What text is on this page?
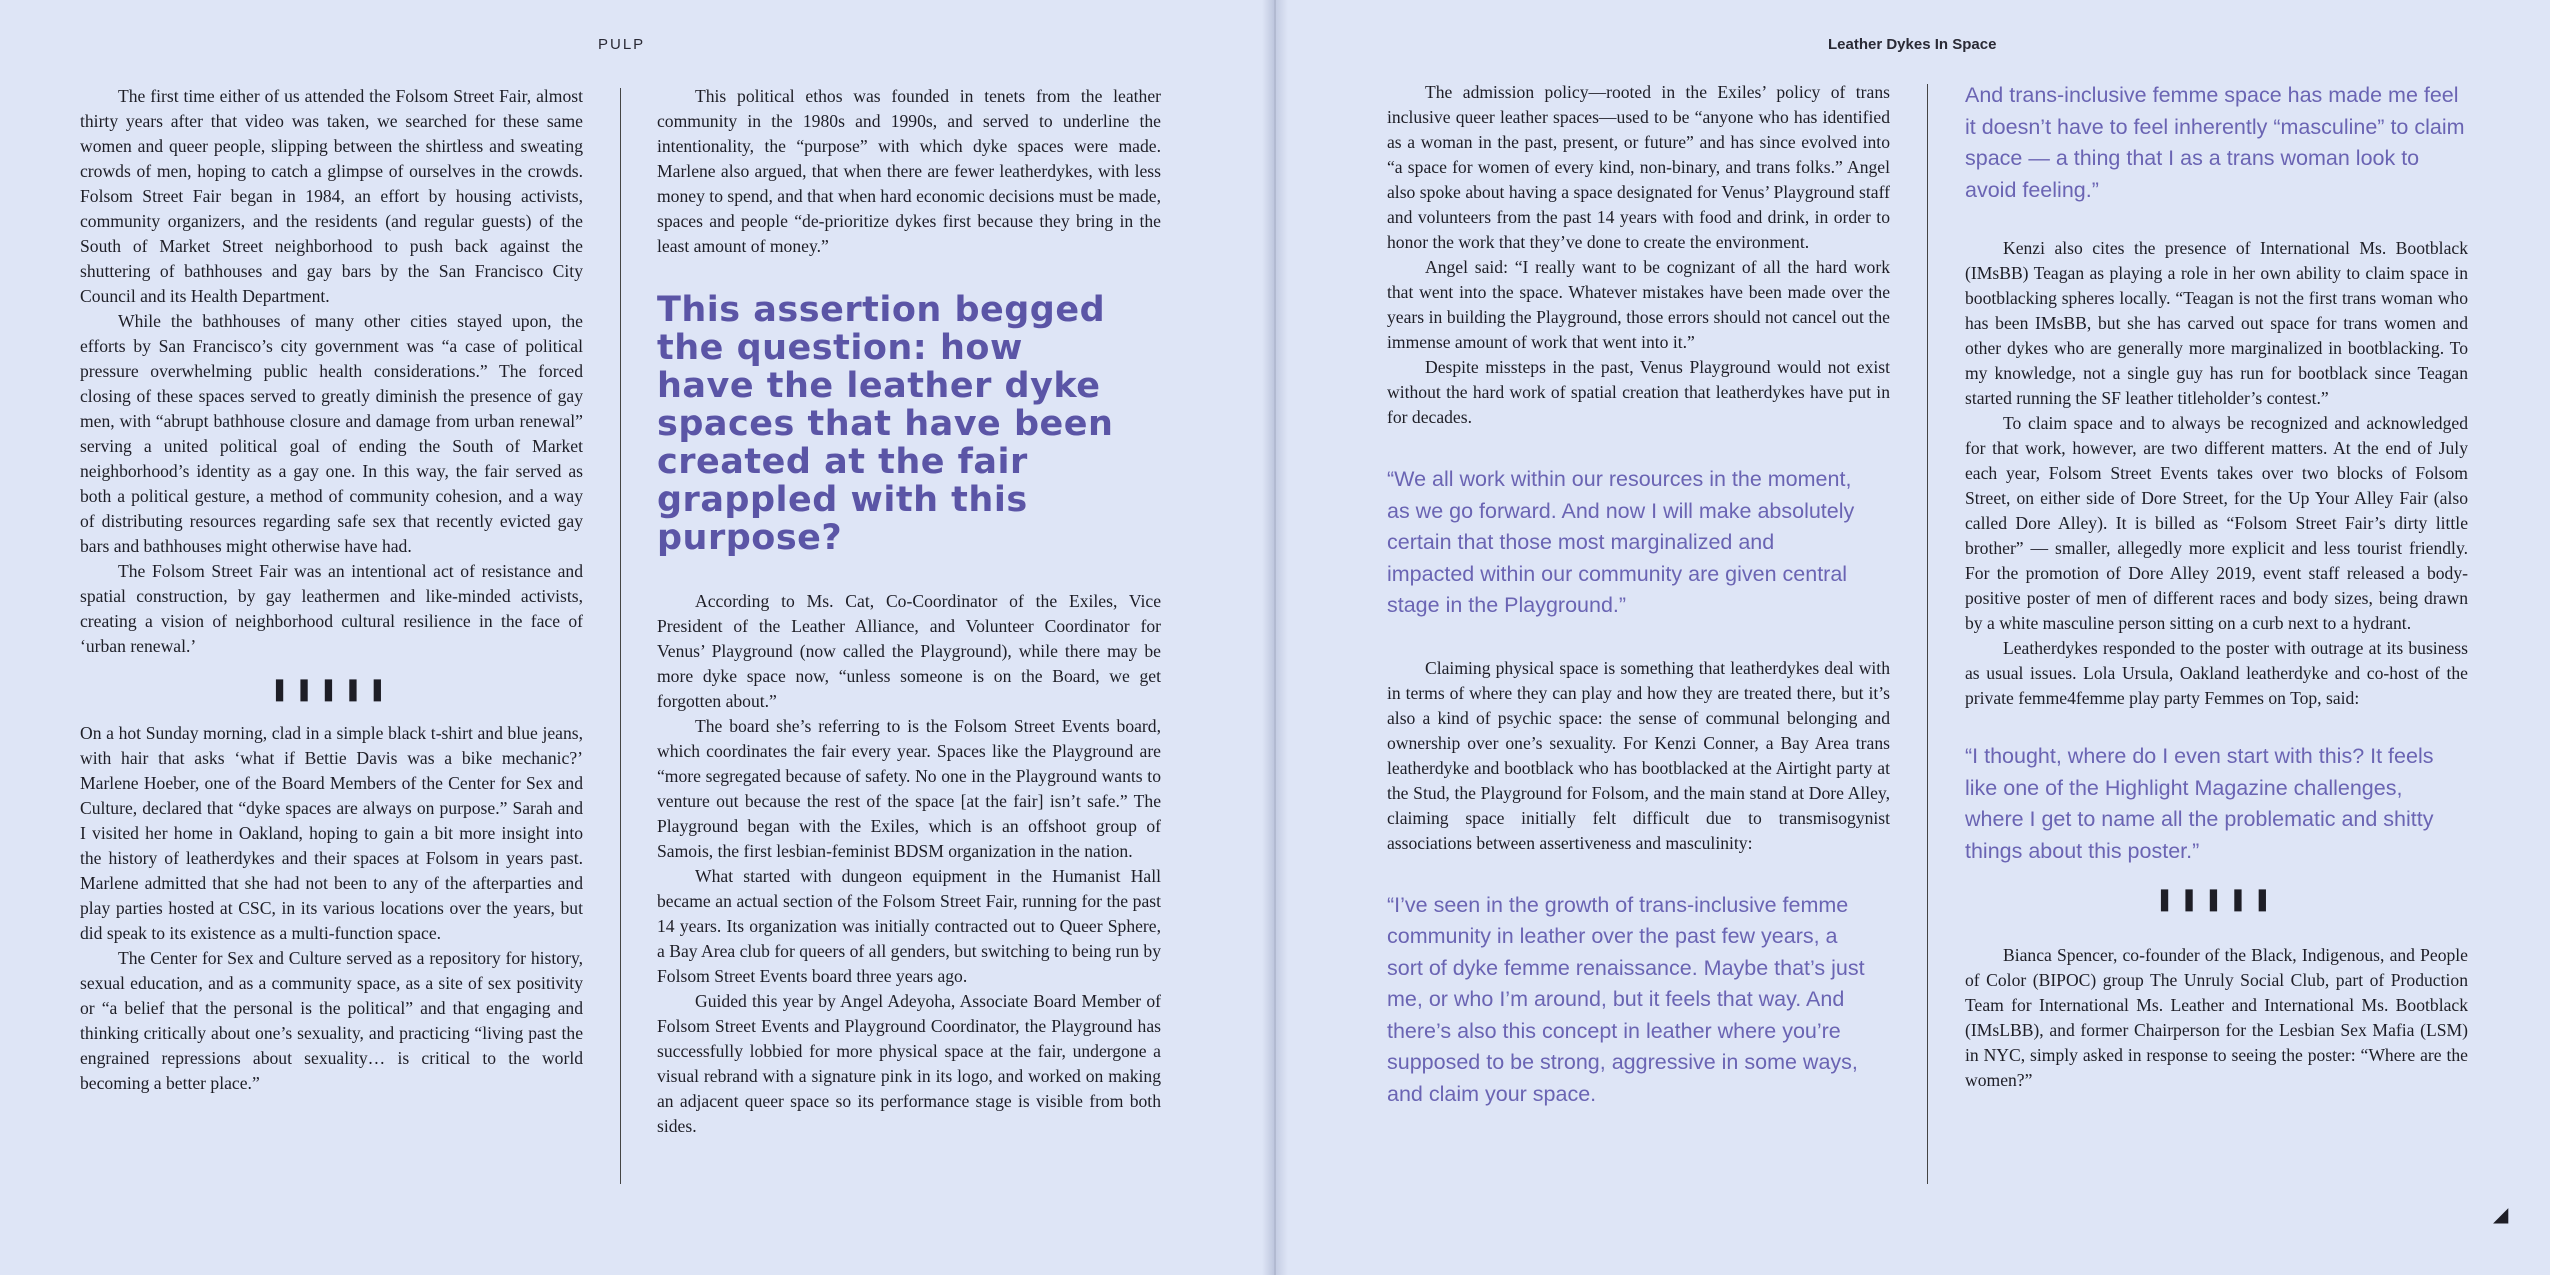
PULP	Leather Dykes In Space

The first time either of us attended the Folsom Street Fair, almost thirty years after that video was taken, we searched for these same women and queer people, slipping between the shirtless and sweating crowds of men, hoping to catch a glimpse of ourselves in the crowds. Folsom Street Fair began in 1984, an effort by housing activists, community organizers, and the residents (and regular guests) of the South of Market Street neighborhood to push back against the shuttering of bathhouses and gay bars by the San Francisco City Council and its Health Department.

While the bathhouses of many other cities stayed upon, the efforts by San Francisco’s city government was “a case of political pressure overwhelming public health considerations.” The forced closing of these spaces served to greatly diminish the presence of gay men, with “abrupt bathhouse closure and damage from urban renewal” serving a united political goal of ending the South of Market neighborhood’s identity as a gay one. In this way, the fair served as both a political gesture, a method of community cohesion, and a way of distributing resources regarding safe sex that recently evicted gay bars and bathhouses might otherwise have had.

The Folsom Street Fair was an intentional act of resistance and spatial construction, by gay leathermen and like-minded activists, creating a vision of neighborhood cultural resilience in the face of ‘urban renewal.’

❚❚❚❚❚

On a hot Sunday morning, clad in a simple black t-shirt and blue jeans, with hair that asks ‘what if Bettie Davis was a bike mechanic?’ Marlene Hoeber, one of the Board Members of the Center for Sex and Culture, declared that “dyke spaces are always on purpose.” Sarah and I visited her home in Oakland, hoping to gain a bit more insight into the history of leatherdykes and their spaces at Folsom in years past. Marlene admitted that she had not been to any of the afterparties and play parties hosted at CSC, in its various locations over the years, but did speak to its existence as a multi-function space.

The Center for Sex and Culture served as a repository for history, sexual education, and as a community space, as a site of sex positivity or “a belief that the personal is the political” and that engaging and thinking critically about one’s sexuality, and practicing “living past the engrained repressions about sexuality… is critical to the world becoming a better place.”

This political ethos was founded in tenets from the leather community in the 1980s and 1990s, and served to underline the intentionality, the “purpose” with which dyke spaces were made. Marlene also argued, that when there are fewer leatherdykes, with less money to spend, and that when hard economic decisions must be made, spaces and people “de-prioritize dykes first because they bring in the least amount of money.”

This assertion begged the question: how have the leather dyke spaces that have been created at the fair grappled with this purpose?

According to Ms. Cat, Co-Coordinator of the Exiles, Vice President of the Leather Alliance, and Volunteer Coordinator for Venus’ Playground (now called the Playground), while there may be more dyke space now, “unless someone is on the Board, we get forgotten about.”

The board she’s referring to is the Folsom Street Events board, which coordinates the fair every year. Spaces like the Playground are “more segregated because of safety. No one in the Playground wants to venture out because the rest of the space [at the fair] isn’t safe.” The Playground began with the Exiles, which is an offshoot group of Samois, the first lesbian-feminist BDSM organization in the nation.

What started with dungeon equipment in the Humanist Hall became an actual section of the Folsom Street Fair, running for the past 14 years. Its organization was initially contracted out to Queer Sphere, a Bay Area club for queers of all genders, but switching to being run by Folsom Street Events board three years ago.

Guided this year by Angel Adeyoha, Associate Board Member of Folsom Street Events and Playground Coordinator, the Playground has successfully lobbied for more physical space at the fair, undergone a visual rebrand with a signature pink in its logo, and worked on making an adjacent queer space so its performance stage is visible from both sides.

The admission policy—rooted in the Exiles’ policy of trans inclusive queer leather spaces—used to be “anyone who has identified as a woman in the past, present, or future” and has since evolved into “a space for women of every kind, non-binary, and trans folks.” Angel also spoke about having a space designated for Venus’ Playground staff and volunteers from the past 14 years with food and drink, in order to honor the work that they’ve done to create the environment.

Angel said: “I really want to be cognizant of all the hard work that went into the space. Whatever mistakes have been made over the years in building the Playground, those errors should not cancel out the immense amount of work that went into it.”

Despite missteps in the past, Venus Playground would not exist without the hard work of spatial creation that leatherdykes have put in for decades.

“We all work within our resources in the moment, as we go forward. And now I will make absolutely certain that those most marginalized and impacted within our community are given central stage in the Playground.”

Claiming physical space is something that leatherdykes deal with in terms of where they can play and how they are treated there, but it’s also a kind of psychic space: the sense of communal belonging and ownership over one’s sexuality. For Kenzi Conner, a Bay Area trans leatherdyke and bootblack who has bootblacked at the Airtight party at the Stud, the Playground for Folsom, and the main stand at Dore Alley, claiming space initially felt difficult due to transmisogynist associations between assertiveness and masculinity:

“I’ve seen in the growth of trans-inclusive femme community in leather over the past few years, a sort of dyke femme renaissance. Maybe that’s just me, or who I’m around, but it feels that way. And there’s also this concept in leather where you’re supposed to be strong, aggressive in some ways, and claim your space.
And trans-inclusive femme space has made me feel it doesn’t have to feel inherently “masculine” to claim space — a thing that I as a trans woman look to avoid feeling.”

Kenzi also cites the presence of International Ms. Bootblack (IMsBB) Teagan as playing a role in her own ability to claim space in bootblacking spheres locally. “Teagan is not the first trans woman who has been IMsBB, but she has carved out space for trans women and other dykes who are generally more marginalized in bootblacking. To my knowledge, not a single guy has run for bootblack since Teagan started running the SF leather titleholder’s contest.”

To claim space and to always be recognized and acknowledged for that work, however, are two different matters. At the end of July each year, Folsom Street Events takes over two blocks of Folsom Street, on either side of Dore Street, for the Up Your Alley Fair (also called Dore Alley). It is billed as “Folsom Street Fair’s dirty little brother” — smaller, allegedly more explicit and less tourist friendly. For the promotion of Dore Alley 2019, event staff released a body-positive poster of men of different races and body sizes, being drawn by a white masculine person sitting on a curb next to a hydrant.

Leatherdykes responded to the poster with outrage at its business as usual issues. Lola Ursula, Oakland leatherdyke and co-host of the private femme4femme play party Femmes on Top, said:

“I thought, where do I even start with this? It feels like one of the Highlight Magazine challenges, where I get to name all the problematic and shitty things about this poster.”
❚❚❚❚❚

Bianca Spencer, co-founder of the Black, Indigenous, and People of Color (BIPOC) group The Unruly Social Club, part of Production Team for International Ms. Leather and International Ms. Bootblack (IMsLBB), and former Chairperson for the Lesbian Sex Mafia (LSM) in NYC, simply asked in response to seeing the poster: “Where are the women?”

◢
